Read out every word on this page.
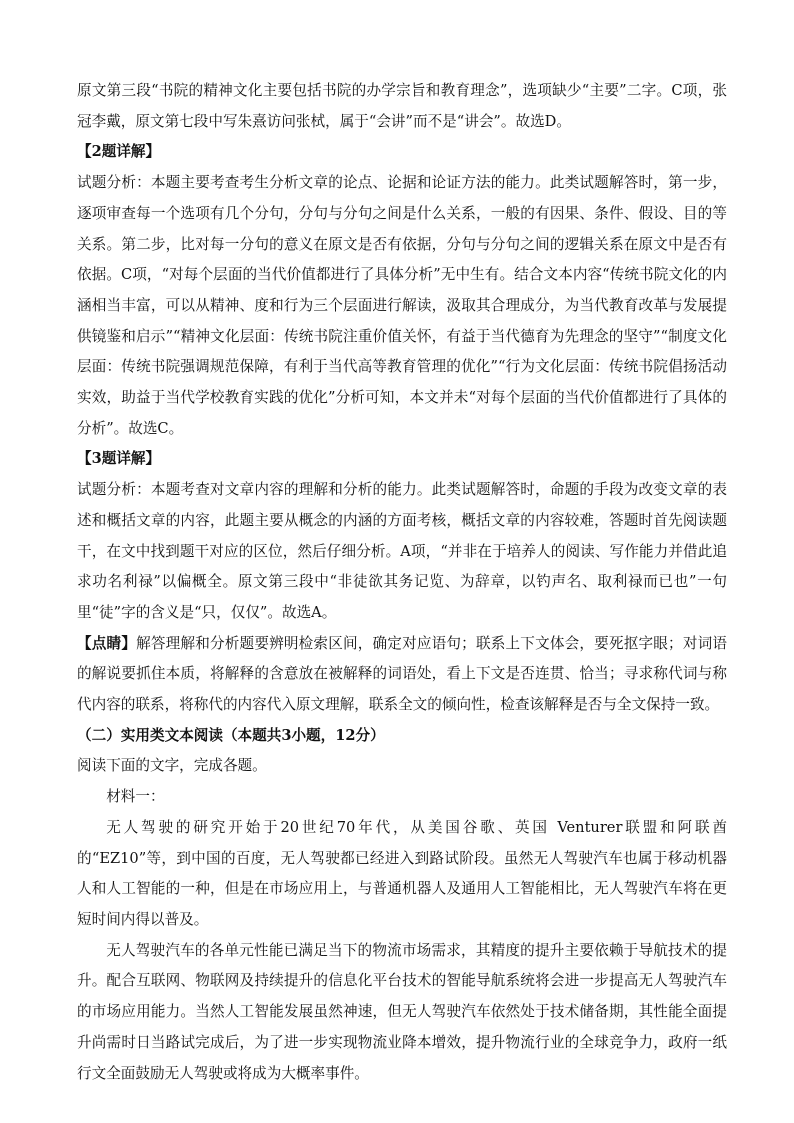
原文第三段“书院的精神文化主要包括书院的办学宗旨和教育理念”，选项缺少“主要”二字。C项，张冠李戴，原文第七段中写朱熹访问张栻，属于“会讲”而不是“讲会”。故选D。

【2题详解】

试题分析：本题主要考查考生分析文章的论点、论据和论证方法的能力。此类试题解答时，第一步，逐项审查每一个选项有几个分句，分句与分句之间是什么关系，一般的有因果、条件、假设、目的等关系。第二步，比对每一分句的意义在原文是否有依据，分句与分句之间的逻辑关系在原文中是否有依据。C项，“对每个层面的当代价值都进行了具体分析”无中生有。结合文本内容“传统书院文化的内涵相当丰富，可以从精神、度和行为三个层面进行解读，汲取其合理成分，为当代教育改革与发展提供镜鉴和启示”“精神文化层面：传统书院注重价值关怀，有益于当代德育为先理念的坚守”“制度文化层面：传统书院强调规范保障，有利于当代高等教育管理的优化”“行为文化层面：传统书院倡扬活动实效，助益于当代学校教育实践的优化”分析可知，本文并未“对每个层面的当代价值都进行了具体的分析”。故选C。

【3题详解】

试题分析：本题考查对文章内容的理解和分析的能力。此类试题解答时，命题的手段为改变文章的表述和概括文章的内容，此题主要从概念的内涵的方面考核，概括文章的内容较难，答题时首先阅读题干，在文中找到题干对应的区位，然后仔细分析。A项，“并非在于培养人的阅读、写作能力并借此追求功名利禄”以偏概全。原文第三段中“非徒欲其务记览、为辞章，以钓声名、取利禄而已也”一句里“徒”字的含义是“只，仅仅”。故选A。

【点睛】解答理解和分析题要辨明检索区间，确定对应语句；联系上下文体会，要死抠字眼；对词语的解说要抓住本质，将解释的含意放在被解释的词语处，看上下文是否连贯、恰当；寻求称代词与称代内容的联系，将称代的内容代入原文理解，联系全文的倾向性，检查该解释是否与全文保持一致。

（二）实用类文本阅读（本题共3小题，12分）

阅读下面的文字，完成各题。

材料一：

无人驾驶的研究开始于20世纪70年代，从美国谷歌、英国 Venturer联盟和阿联酋的“EZ10”等，到中国的百度，无人驾驶都已经进入到路试阶段。虽然无人驾驶汽车也属于移动机器人和人工智能的一种，但是在市场应用上，与普通机器人及通用人工智能相比，无人驾驶汽车将在更短时间内得以普及。

无人驾驶汽车的各单元性能已满足当下的物流市场需求，其精度的提升主要依赖于导航技术的提升。配合互联网、物联网及持续提升的信息化平台技术的智能导航系统将会进一步提高无人驾驶汽车的市场应用能力。当然人工智能发展虽然神速，但无人驾驶汽车依然处于技术储备期，其性能全面提升尚需时日当路试完成后，为了进一步实现物流业降本增效，提升物流行业的全球竞争力，政府一纸行文全面鼓励无人驾驶或将成为大概率事件。
